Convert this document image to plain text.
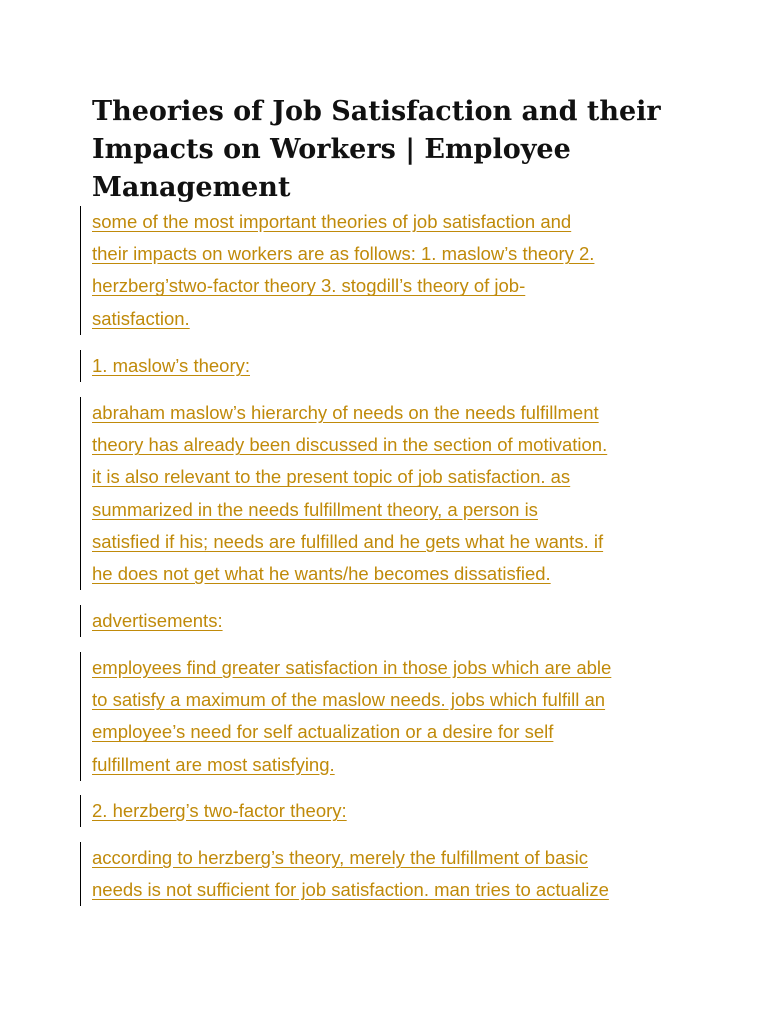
Theories of Job Satisfaction and their
Impacts on Workers | Employee
Management
some of the most important theories of job satisfaction and
their impacts on workers are as follows: 1. maslow’s theory 2.
herzberg’stwo-factor theory 3. stogdill’s theory of job-
satisfaction.
1. maslow’s theory:
abraham maslow’s hierarchy of needs on the needs fulfillment
theory has already been discussed in the section of motivation.
it is also relevant to the present topic of job satisfaction. as
summarized in the needs fulfillment theory, a person is
satisfied if his; needs are fulfilled and he gets what he wants. if
he does not get what he wants/he becomes dissatisfied.
advertisements:
employees find greater satisfaction in those jobs which are able
to satisfy a maximum of the maslow needs. jobs which fulfill an
employee’s need for self actualization or a desire for self
fulfillment are most satisfying.
2. herzberg’s two-factor theory:
according to herzberg’s theory, merely the fulfillment of basic
needs is not sufficient for job satisfaction. man tries to actualize
